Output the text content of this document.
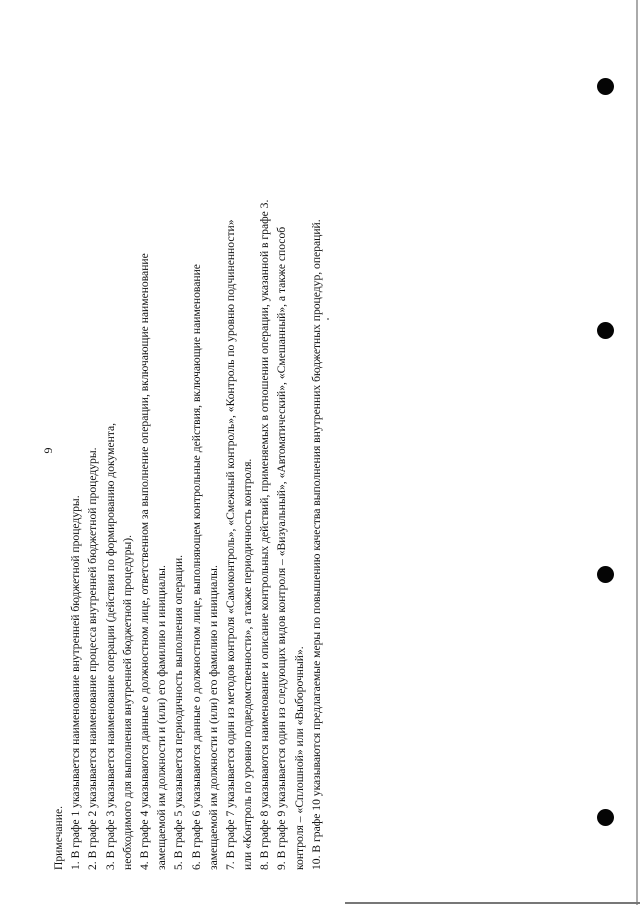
6
Примечание. 1. В графе 1 указывается наименование внутренней бюджетной процедуры. 2. В графе 2 указывается наименование процесса внутренней бюджетной процедуры. 3. В графе 3 указывается наименование операции (действия по формированию документа, необходимого для выполнения внутренней бюджетной процедуры). 4. В графе 4 указываются данные о должностном лице, ответственном за выполнение операции, включающие наименование замещаемой им должности и (или) его фамилию и инициалы. 5. В графе 5 указывается периодичность выполнения операции. 6. В графе 6 указываются данные о должностном лице, выполняющем контрольные действия, включающие наименование замещаемой им должности и (или) его фамилию и инициалы. 7. В графе 7 указывается один из методов контроля «Самоконтроль», «Смежный контроль», «Контроль по уровню подчиненности» или «Контроль по уровню подведомственности», а также периодичность контроля. 8. В графе 8 указываются наименование и описание контрольных действий, применяемых в отношении операции, указанной в графе 3. 9. В графе 9 указывается один из следующих видов контроля – «Визуальный», «Автоматический», «Смешанный», а также способ контроля – «Сплошной» или «Выборочный». 10. В графе 10 указываются предлагаемые меры по повышению качества выполнения внутренних бюджетных процедур, операций.
